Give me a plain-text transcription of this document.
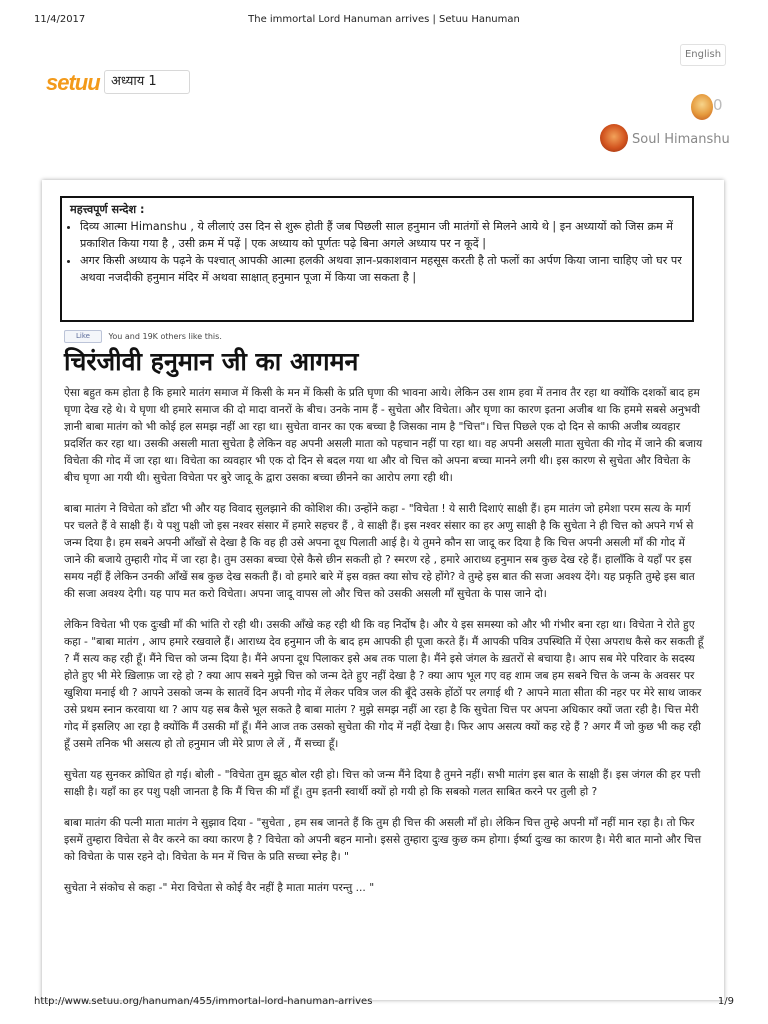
11/4/2017	The immortal Lord Hanuman arrives | Setuu Hanuman
English
setuu अध्याय 1
0
Soul Himanshu
महत्त्वपूर्ण सन्देश :
• दिव्य आत्मा Himanshu , ये लीलाएं उस दिन से शुरू होती हैं जब पिछली साल हनुमान जी मातंगों से मिलने आये थे | इन अध्यायों को जिस क्रम में प्रकाशित किया गया है , उसी क्रम में पढ़ें | एक अध्याय को पूर्णतः पढ़े बिना अगले अध्याय पर न कूदें |
• अगर किसी अध्याय के पढ़ने के पश्चात् आपकी आत्मा हलकी अथवा ज्ञान-प्रकाशवान महसूस करती है तो फलों का अर्पण किया जाना चाहिए जो घर पर अथवा नजदीकी हनुमान मंदिर में अथवा साक्षात् हनुमान पूजा में किया जा सकता है |
Like You and 19K others like this.
चिरंजीवी हनुमान जी का आगमन

ऐसा बहुत कम होता है कि हमारे मातंग समाज में किसी के मन में किसी के प्रति घृणा की भावना आये। लेकिन उस शाम हवा में तनाव तैर रहा था क्योंकि दशकों बाद हम घृणा देख रहे थे। ये घृणा थी हमारे समाज की दो मादा वानरों के बीच। उनके नाम हैं - सुचेता और विचेता। और घृणा का कारण इतना अजीब था कि हममे सबसे अनुभवी ज्ञानी बाबा मातंग को भी कोई हल समझ नहीं आ रहा था। सुचेता वानर का एक बच्चा है जिसका नाम है "चित्त"। चित्त पिछले एक दो दिन से काफी अजीब व्यवहार प्रदर्शित कर रहा था। उसकी असली माता सुचेता है लेकिन वह अपनी असली माता को पहचान नहीं पा रहा था। वह अपनी असली माता सुचेता की गोद में जाने की बजाय विचेता की गोद में जा रहा था। विचेता का व्यवहार भी एक दो दिन से बदल गया था और वो चित्त को अपना बच्चा मानने लगी थी। इस कारण से सुचेता और विचेता के बीच घृणा आ गयी थी। सुचेता विचेता पर बुरे जादू के द्वारा उसका बच्चा छीनने का आरोप लगा रही थी।

बाबा मातंग ने विचेता को डाँटा भी और यह विवाद सुलझाने की कोशिश की। उन्होंने कहा - "विचेता ! ये सारी दिशाएं साक्षी हैं। हम मातंग जो हमेशा परम सत्य के मार्ग पर चलते हैं वे साक्षी हैं। ये पशु पक्षी जो इस नश्वर संसार में हमारे सहचर हैं , वे साक्षी हैं। इस नश्वर संसार का हर अणु साक्षी है कि सुचेता ने ही चित्त को अपने गर्भ से जन्म दिया है। हम सबने अपनी आँखों से देखा है कि वह ही उसे अपना दूध पिलाती आई है। ये तुमने कौन सा जादू कर दिया है कि चित्त अपनी असली माँ की गोद में जाने की बजाये तुम्हारी गोद में जा रहा है। तुम उसका बच्चा ऐसे कैसे छीन सकती हो ? स्मरण रहे , हमारे आराध्य हनुमान सब कुछ देख रहे हैं। हालाँकि वे यहाँ पर इस समय नहीं हैं लेकिन उनकी आँखें सब कुछ देख सकती हैं। वो हमारे बारे में इस वक़्त क्या सोच रहे होंगे? वे तुम्हे इस बात की सजा अवश्य देंगे। यह प्रकृति तुम्हे इस बात की सजा अवश्य देगी। यह पाप मत करो विचेता। अपना जादू वापस लो और चित्त को उसकी असली माँ सुचेता के पास जाने दो।

लेकिन विचेता भी एक दुःखी माँ की भांति रो रही थी। उसकी आँखे कह रही थी कि वह निर्दोष है। और ये इस समस्या को और भी गंभीर बना रहा था। विचेता ने रोते हुए कहा - "बाबा मातंग , आप हमारे रखवाले हैं। आराध्य देव हनुमान जी के बाद हम आपकी ही पूजा करते हैं। मैं आपकी पवित्र उपस्थिति में ऐसा अपराध कैसे कर सकती हूँ ? मैं सत्य कह रही हूँ। मैंने चित्त को जन्म दिया है। मैंने अपना दूध पिलाकर इसे अब तक पाला है। मैंने इसे जंगल के ख़तरों से बचाया है। आप सब मेरे परिवार के सदस्य होते हुए भी मेरे ख़िलाफ़ जा रहे हो ? क्या आप सबने मुझे चित्त को जन्म देते हुए नहीं देखा है ? क्या आप भूल गए वह शाम जब हम सबने चित्त के जन्म के अवसर पर खुशिया मनाई थी ? आपने उसको जन्म के सातवें दिन अपनी गोद में लेकर पवित्र जल की बूँदे उसके होंठों पर लगाई थी ? आपने माता सीता की नहर पर मेरे साथ जाकर उसे प्रथम स्नान करवाया था ? आप यह सब कैसे भूल सकते है बाबा मातंग ? मुझे समझ नहीं आ रहा है कि सुचेता चित्त पर अपना अधिकार क्यों जता रही है। चित्त मेरी गोद में इसलिए आ रहा है क्योंकि मैं उसकी माँ हूँ। मैंने आज तक उसको सुचेता की गोद में नहीं देखा है। फिर आप असत्य क्यों कह रहे हैं ? अगर मैं जो कुछ भी कह रही हूँ उसमे तनिक भी असत्य हो तो हनुमान जी मेरे प्राण ले लें , मैं सच्चा हूँ।

सुचेता यह सुनकर क्रोधित हो गई। बोली - "विचेता तुम झूठ बोल रही हो। चित्त को जन्म मैंने दिया है तुमने नहीं। सभी मातंग इस बात के साक्षी हैं। इस जंगल की हर पत्ती साक्षी है। यहाँ का हर पशु पक्षी जानता है कि मैं चित्त की माँ हूँ। तुम इतनी स्वार्थी क्यों हो गयी हो कि सबको गलत साबित करने पर तुली हो ?

बाबा मातंग की पत्नी माता मातंग ने सुझाव दिया - "सुचेता , हम सब जानते हैं कि तुम ही चित्त की असली माँ हो। लेकिन चित्त तुम्हे अपनी माँ नहीं मान रहा है। तो फिर इसमें तुम्हारा विचेता से वैर करने का क्या कारण है ? विचेता को अपनी बहन मानो। इससे तुम्हारा दुःख कुछ कम होगा। ईर्ष्या दुःख का कारण है। मेरी बात मानो और चित्त को विचेता के पास रहने दो। विचेता के मन में चित्त के प्रति सच्चा स्नेह है। "

सुचेता ने संकोच से कहा -" मेरा विचेता से कोई वैर नहीं है माता मातंग परन्तु ... "

http://www.setuu.org/hanuman/455/immortal-lord-hanuman-arrives	1/9
